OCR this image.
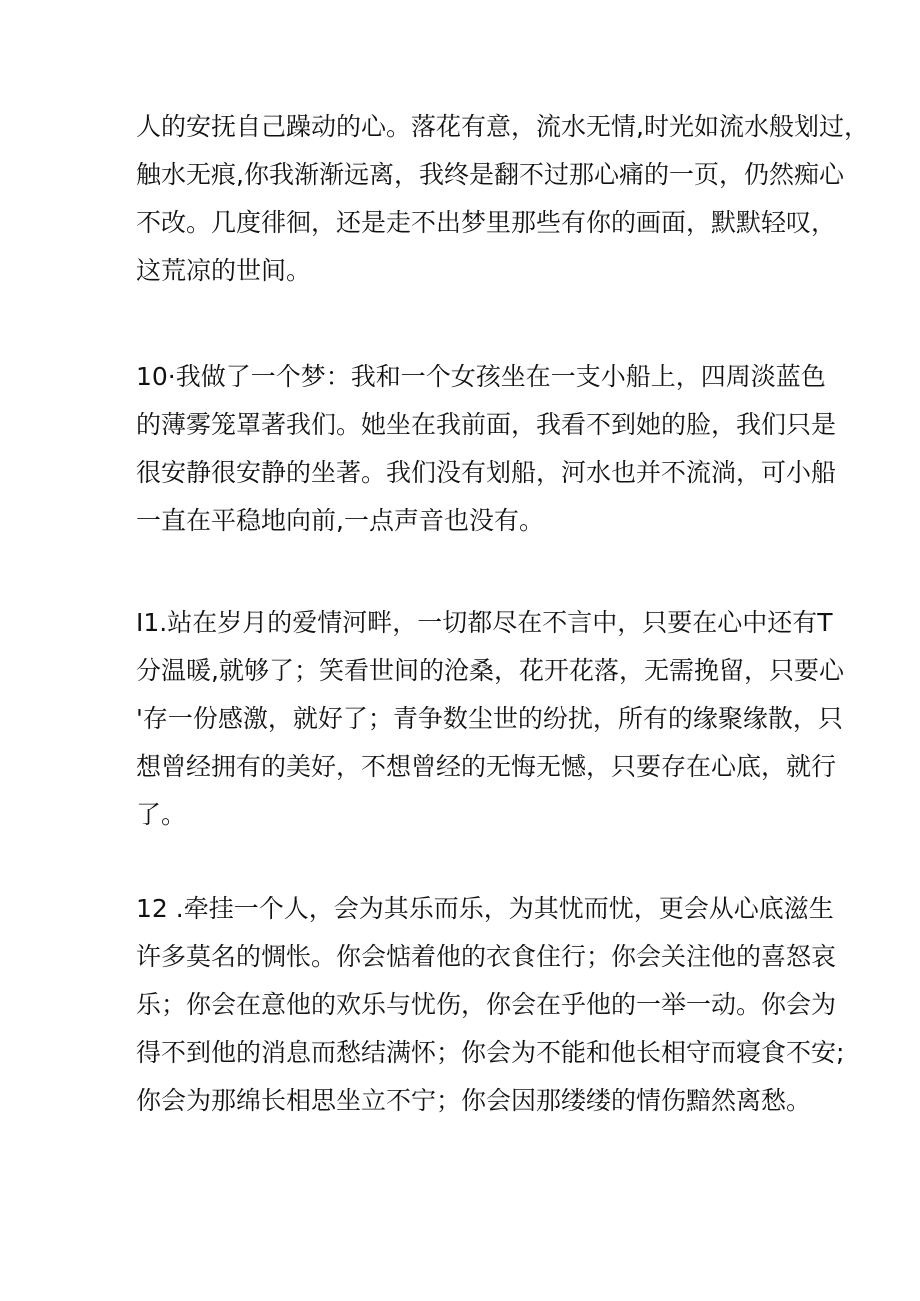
人的安抚自己躁动的心。落花有意，流水无情,时光如流水般划过，
触水无痕,你我渐渐远离，我终是翻不过那心痛的一页，仍然痴心
不改。几度徘徊，还是走不出梦里那些有你的画面，默默轻叹，
这荒凉的世间。

10·我做了一个梦：我和一个女孩坐在一支小船上，四周淡蓝色
的薄雾笼罩著我们。她坐在我前面，我看不到她的脸，我们只是
很安静很安静的坐著。我们没有划船，河水也并不流淌，可小船
一直在平稳地向前,一点声音也没有。

I1.站在岁月的爱情河畔，一切都尽在不言中，只要在心中还有T
分温暖,就够了；笑看世间的沧桑，花开花落，无需挽留，只要心
'存一份感激，就好了；青争数尘世的纷扰，所有的缘聚缘散，只
想曾经拥有的美好，不想曾经的无悔无憾，只要存在心底，就行
了。

12 .牵挂一个人，会为其乐而乐，为其忧而忧，更会从心底滋生
许多莫名的惆怅。你会惦着他的衣食住行；你会关注他的喜怒哀
乐；你会在意他的欢乐与忧伤，你会在乎他的一举一动。你会为
得不到他的消息而愁结满怀；你会为不能和他长相守而寝食不安;
你会为那绵长相思坐立不宁；你会因那缕缕的情伤黯然离愁。
